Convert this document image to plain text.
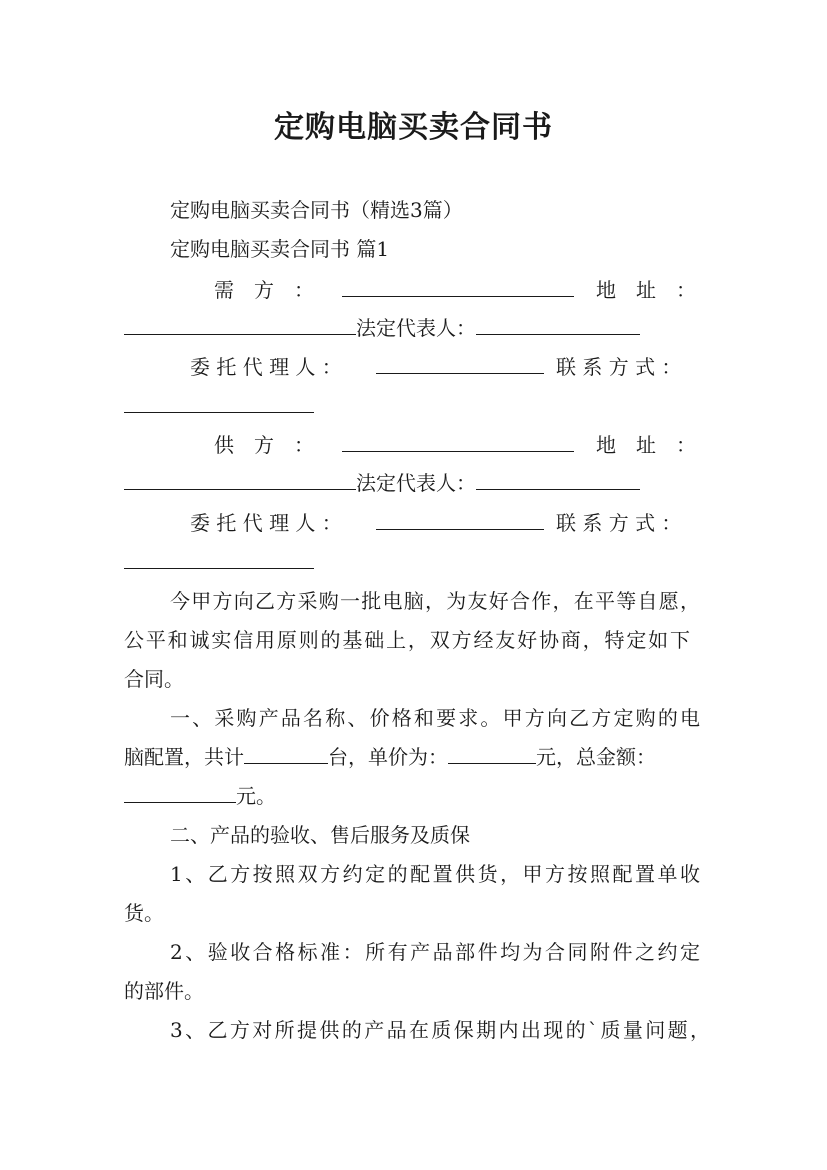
定购电脑买卖合同书
定购电脑买卖合同书（精选3篇）
定购电脑买卖合同书 篇1
需　方　：	地　址　：
法定代表人：
委 托 代 理 人 ：	联 系 方 式 ：
供　方　：	地　址　：
法定代表人：
委 托 代 理 人 ：	联 系 方 式 ：
今甲方向乙方采购一批电脑，为友好合作，在平等自愿，
公平和诚实信用原则的基础上，双方经友好协商，特定如下
合同。
一、采购产品名称、价格和要求。甲方向乙方定购的电
脑配置，共计	台，单价为：	元，总金额：
元。
二、产品的验收、售后服务及质保
1、乙方按照双方约定的配置供货，甲方按照配置单收
货。
2、验收合格标准：所有产品部件均为合同附件之约定
的部件。
3、乙方对所提供的产品在质保期内出现的`质量问题，
